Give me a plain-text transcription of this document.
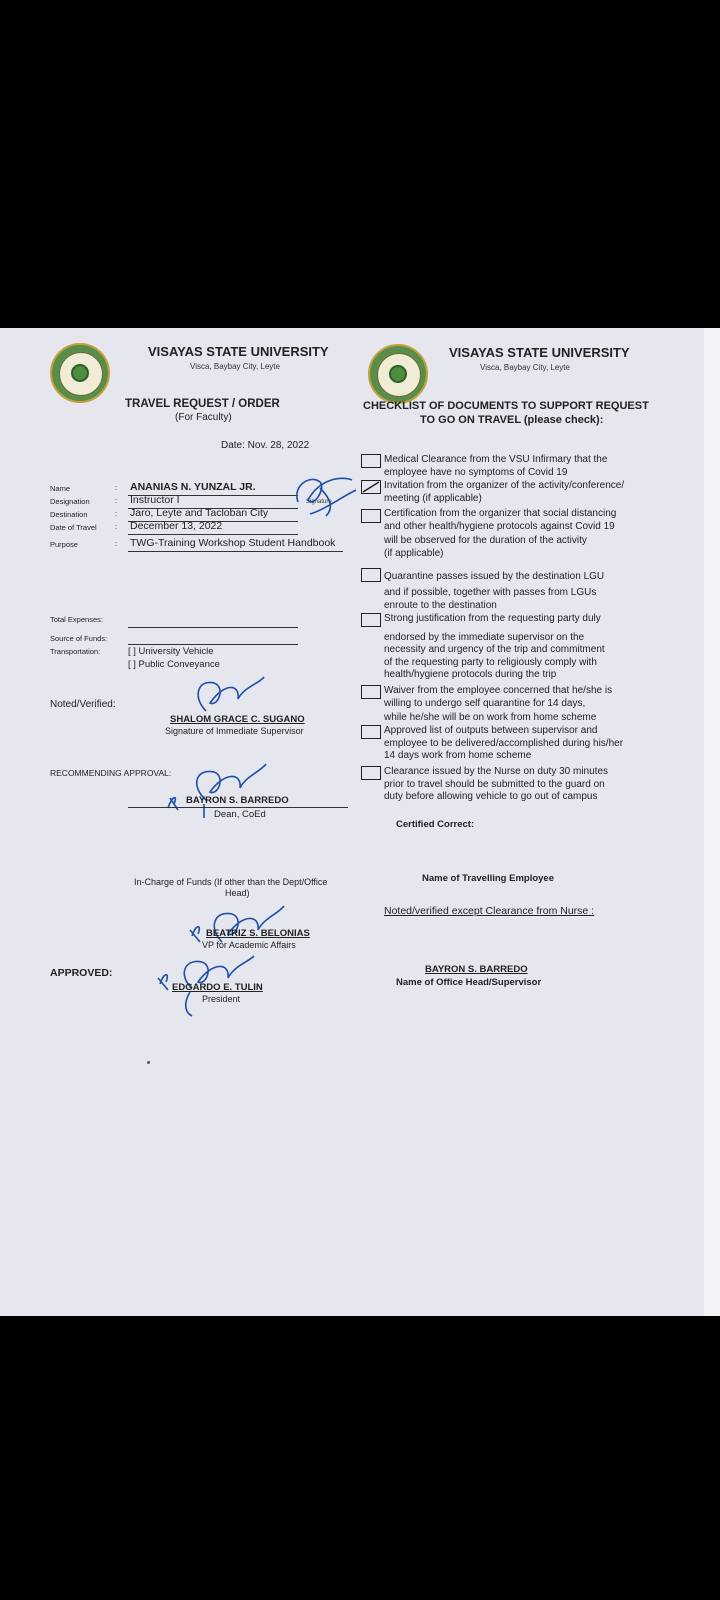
VISAYAS STATE UNIVERSITY
Visca, Baybay City, Leyte
TRAVEL REQUEST / ORDER
(For Faculty)
Date: Nov. 28, 2022
Name	: ANANIAS N. YUNZAL JR.
Designation	: Instructor I
Destination	: Jaro, Leyte and Tacloban City
Date of Travel : December 13, 2022
Purpose	: TWG-Training Workshop Student Handbook
Signature
Total Expenses:
Source of Funds:
Transportation:	[ ] University Vehicle
[ ] Public Conveyance
Noted/Verified:
SHALOM GRACE C. SUGANO
Signature of Immediate Supervisor
RECOMMENDING APPROVAL:
BAYRON S. BARREDO
Dean, CoEd
In-Charge of Funds (If other than the Dept/Office
Head)
BEATRIZ S. BELONIAS
VP for Academic Affairs
APPROVED:
EDGARDO E. TULIN
President
VISAYAS STATE UNIVERSITY
Visca, Baybay City, Leyte
CHECKLIST OF DOCUMENTS TO SUPPORT REQUEST
TO GO ON TRAVEL (please check):
Medical Clearance from the VSU Infirmary that the
employee have no symptoms of Covid 19
Invitation from the organizer of the activity/conference/
meeting (if applicable)
Certification from the organizer that social distancing
and other health/hygiene protocols against Covid 19
will be observed for the duration of the activity
(if applicable)
Quarantine passes issued by the destination LGU
and if possible, together with passes from LGUs
enroute to the destination
Strong justification from the requesting party duly
endorsed by the immediate supervisor on the
necessity and urgency of the trip and commitment
of the requesting party to religiously comply with
health/hygiene protocols during the trip
Waiver from the employee concerned that he/she is
willing to undergo self quarantine for 14 days,
while he/she will be on work from home scheme
Approved list of outputs between supervisor and
employee to be delivered/accomplished during his/her
14 days work from home scheme
Clearance issued by the Nurse on duty 30 minutes
prior to travel should be submitted to the guard on
duty before allowing vehicle to go out of campus
Certified Correct:
Name of Travelling Employee
Noted/verified except Clearance from Nurse :
BAYRON S. BARREDO
Name of Office Head/Supervisor
